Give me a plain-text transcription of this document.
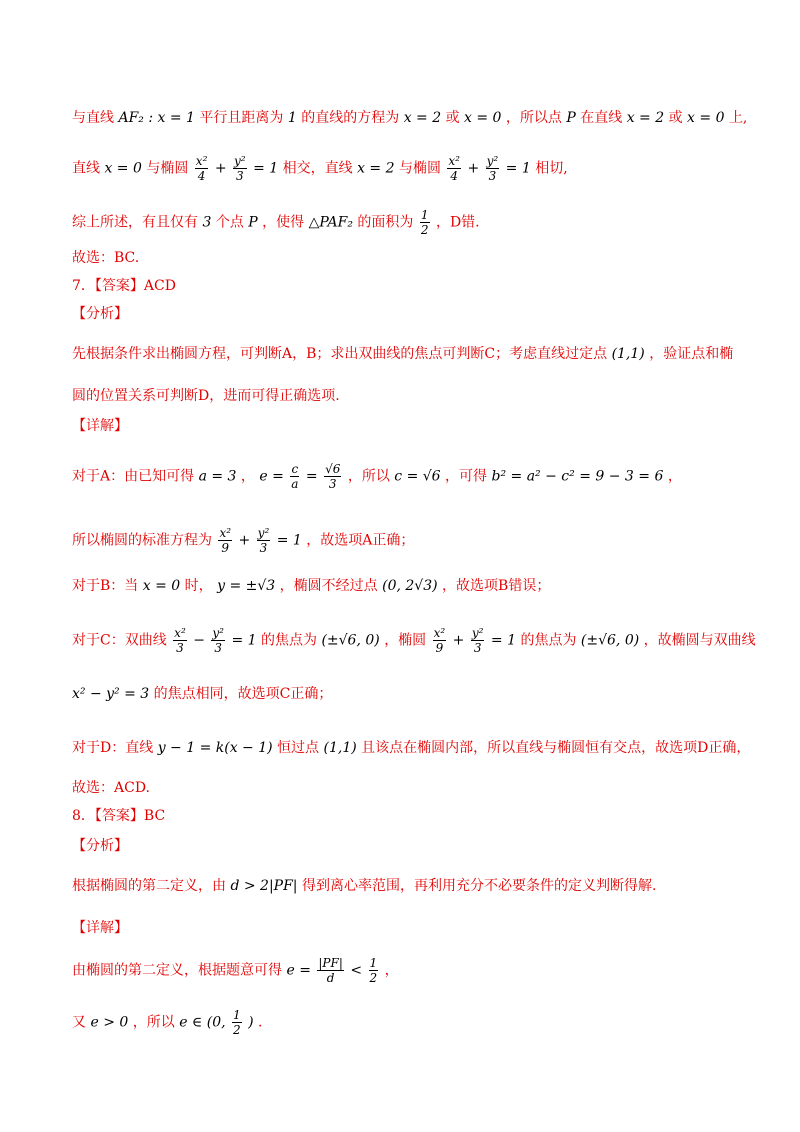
与直线 AF₂ : x = 1 平行且距离为 1 的直线的方程为 x = 2 或 x = 0 ，所以点 P 在直线 x = 2 或 x = 0 上,
直线 x = 0 与椭圆 $\frac{\text{x²}}{4} + \frac{\text{y²}}{3} = 1$ 相交，直线 x = 2 与椭圆 $\frac{\text{x²}}{4} + \frac{\text{y²}}{3} = 1$ 相切,
综上所述，有且仅有 3 个点 P ，使得 △PAF₂ 的面积为 $\frac{1}{2}$ ，D错.
故选：BC.
7．【答案】ACD
【分析】
先根据条件求出椭圆方程，可判断A，B；求出双曲线的焦点可判断C；考虑直线过定点 (1,1) ，验证点和椭
圆的位置关系可判断D，进而可得正确选项.
【详解】
对于A：由已知可得 a = 3 ， $e = \frac{c}{a} = \frac{√6}{3}$ ，所以 c = √6 ，可得 b² = a² − c² = 9 − 3 = 6 ，
所以椭圆的标准方程为 $\frac{\text{x²}}{9} + \frac{\text{y²}}{3} = 1$ ，故选项A正确；
对于B：当 x = 0 时， y = ±√3 ，椭圆不经过点 (0, 2√3) ，故选项B错误；
对于C：双曲线 $\frac{\text{x²}}{3} - \frac{\text{y²}}{3} = 1$ 的焦点为 (±√6, 0) ，椭圆 $\frac{\text{x²}}{9} + \frac{\text{y²}}{3} = 1$ 的焦点为 (±√6, 0) ，故椭圆与双曲线
x² − y² = 3 的焦点相同，故选项C正确；
对于D：直线 y − 1 = k(x − 1) 恒过点 (1,1) 且该点在椭圆内部，所以直线与椭圆恒有交点，故选项D正确，
故选：ACD.
8．【答案】BC
【分析】
根据椭圆的第二定义，由 d > 2|PF| 得到离心率范围，再利用充分不必要条件的定义判断得解.
【详解】
由椭圆的第二定义，根据题意可得 $e = \frac{|PF|}{d} < \frac{1}{2}$ ，
又 e > 0 ，所以 e ∈ (0, $\frac{1}{2}$ ) .
